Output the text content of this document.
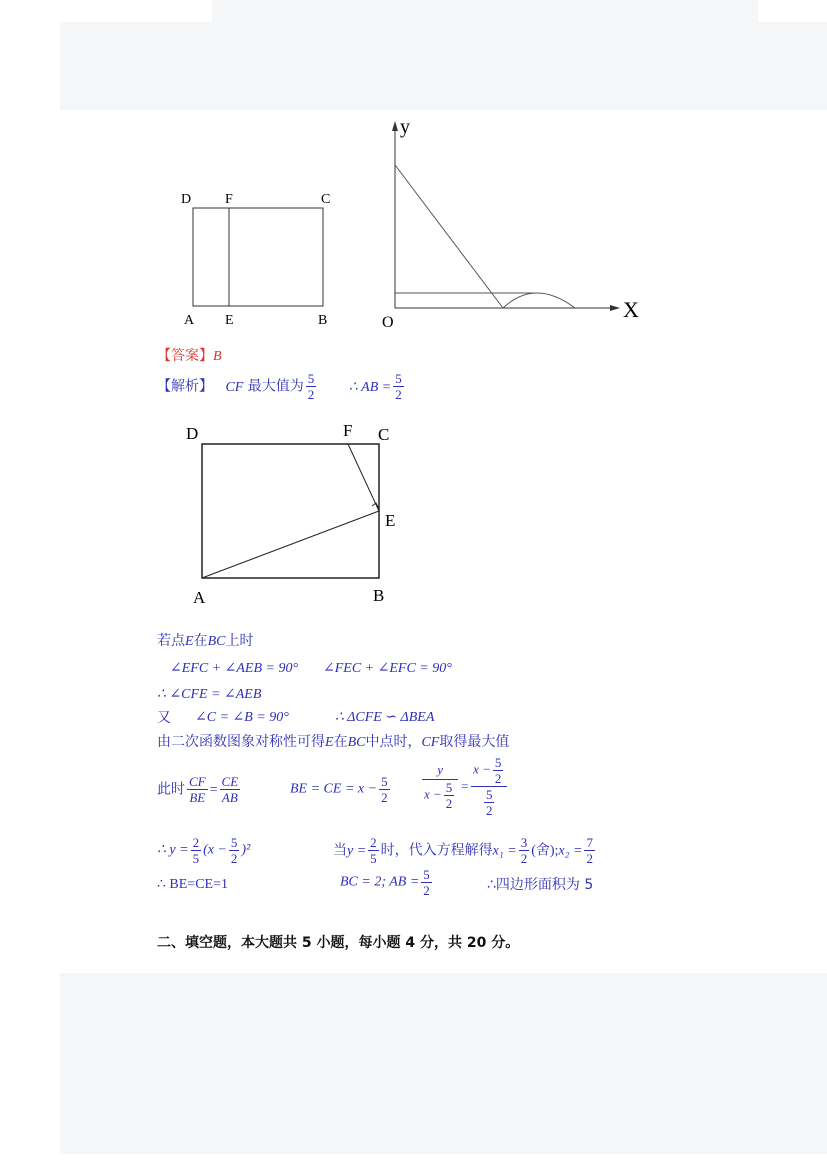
D F	C
A E	B
y
X
O
【答案】B
【解析】 CF 最大值为 $\frac{5}{2}$ ∴ AB = $\frac{5}{2}$
D	F C
E
A	B
若点E在BC上时
∠EFC + ∠AEB = 90° ∠FEC + ∠EFC = 90°
∴ ∠CFE = ∠AEB
又 ∠C = ∠B = 90°	∴ ΔCFE ∽ ΔBEA
由二次函数图象对称性可得E在BC中点时，CF取得最大值
此时 $\frac{CF}{BE} = \frac{CE}{AB}$	BE = CE = $x - \frac{5}{2} \frac{y}{x - \frac{5}{2}} = \frac{x - \frac{5}{2}}{\frac{5}{2}}$
∴ $y = \frac{2}{5} (x - \frac{5}{2} )^2$	当$y = \frac{2}{5}$ 时，代入方程解得$x_1 = \frac{3}{2}$ (舍);x₂ = $\frac{7}{2}$
∴ BE=CE=1	BC = 2; AB = $\frac{5}{2}$	∴四边形面积为 5
二、填空题，本大题共 5 小题，每小题 4 分，共 20 分。
